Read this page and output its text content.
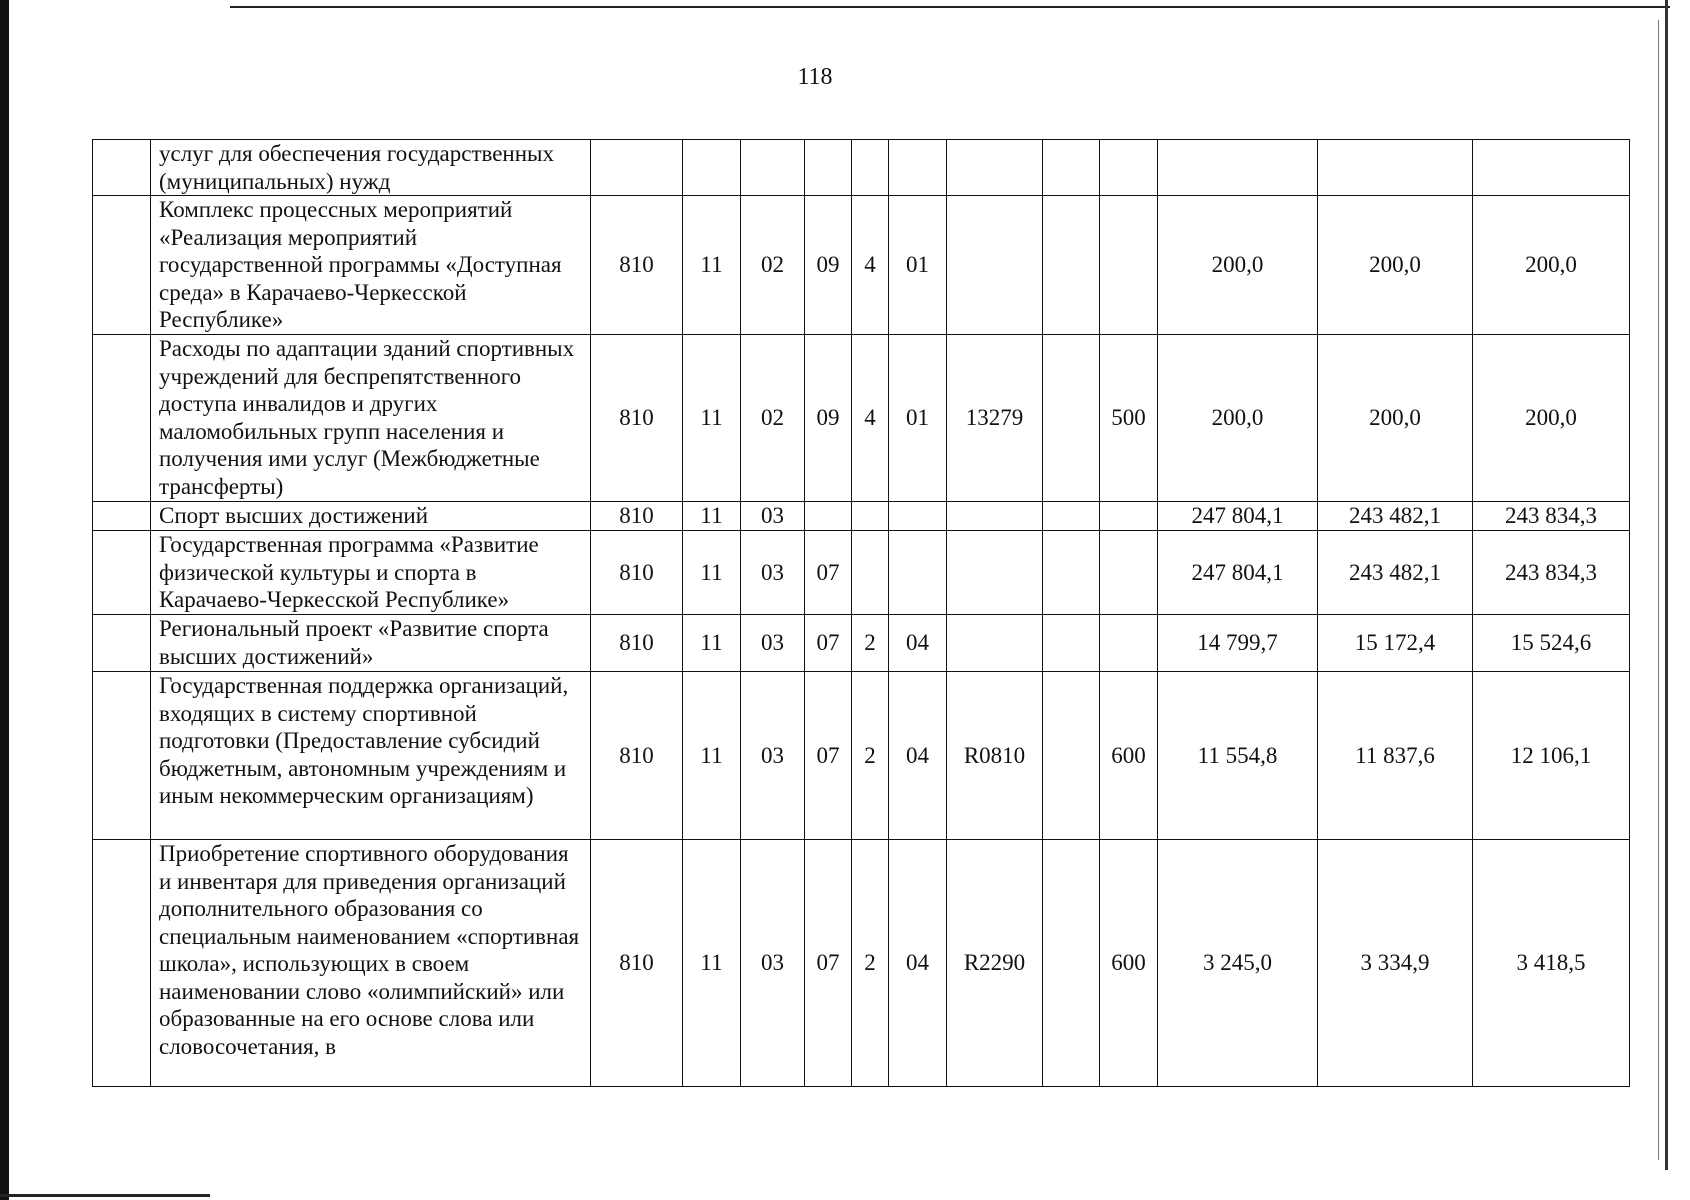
118
	услуг для обеспечения государственных (муниципальных) нужд												
	Комплекс процессных мероприятий «Реализация мероприятий государственной программы «Доступная среда» в Карачаево-Черкесской Республике»	810	11	02	09	4	01				200,0	200,0	200,0
	Расходы по адаптации зданий спортивных учреждений для беспрепятственного доступа инвалидов и других маломобильных групп населения и получения ими услуг (Межбюджетные трансферты)	810	11	02	09	4	01	13279		500	200,0	200,0	200,0
	Спорт высших достижений	810	11	03							247 804,1	243 482,1	243 834,3
	Государственная программа «Развитие физической культуры и спорта в Карачаево-Черкесской Республике»	810	11	03	07						247 804,1	243 482,1	243 834,3
	Региональный проект «Развитие спорта высших достижений»	810	11	03	07	2	04				14 799,7	15 172,4	15 524,6
	Государственная поддержка организаций, входящих в систему спортивной подготовки (Предоставление субсидий бюджетным, автономным учреждениям и иным некоммерческим организациям)	810	11	03	07	2	04	R0810		600	11 554,8	11 837,6	12 106,1
	Приобретение спортивного оборудования и инвентаря для приведения организаций дополнительного образования со специальным наименованием «спортивная школа», использующих в своем наименовании слово «олимпийский» или образованные на его основе слова или словосочетания, в	810	11	03	07	2	04	R2290		600	3 245,0	3 334,9	3 418,5
